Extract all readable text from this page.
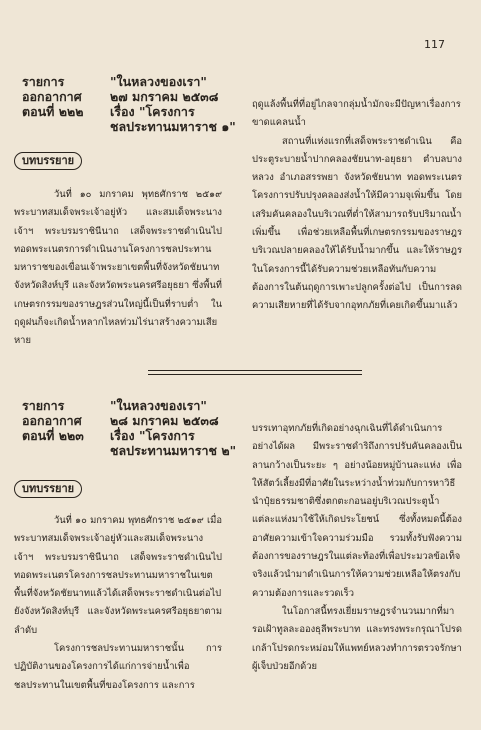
117
รายการ	"ในหลวงของเรา"
ออกอากาศ	๒๗ มกราคม ๒๕๓๘
ตอนที่ ๒๒๒	เรื่อง "โครงการ
ชลประทานมหาราช ๑"
บทบรรยาย

วันที่ ๑๐ มกราคม พุทธศักราช ๒๕๑๙ พระบาทสมเด็จพระเจ้าอยู่หัว และสมเด็จพระนางเจ้าฯ พระบรมราชินีนาถ เสด็จพระราชดำเนินไปทอดพระเนตรการดำเนินงานโครงการชลประทานมหาราชของเขื่อนเจ้าพระยาเขตพื้นที่จังหวัดชัยนาท จังหวัดสิงห์บุรี และจังหวัดพระนครศรีอยุธยา ซึ่งพื้นที่เกษตรกรรมของราษฎรส่วนใหญ่นี้เป็นที่ราบต่ำ ในฤดูฝนก็จะเกิดน้ำหลากไหลท่วมไร่นาสร้างความเสียหาย

ฤดูแล้งพื้นที่ที่อยู่ไกลจากลุ่มน้ำมักจะมีปัญหาเรื่องการขาดแคลนน้ำ

สถานที่แห่งแรกที่เสด็จพระราชดำเนิน คือประตูระบายน้ำปากคลองชัยนาท-อยุธยา ตำบลบางหลวง อำเภอสรรพยา จังหวัดชัยนาท ทอดพระเนตรโครงการปรับปรุงคลองส่งน้ำให้มีความจุเพิ่มขึ้น โดยเสริมคันคลองในบริเวณที่ต่ำให้สามารถรับปริมาณน้ำเพิ่มขึ้น เพื่อช่วยเหลือพื้นที่เกษตรกรรมของราษฎรบริเวณปลายคลองให้ได้รับน้ำมากขึ้น และให้ราษฎรในโครงการนี้ได้รับความช่วยเหลือทันกับความต้องการในต้นฤดูการเพาะปลูกครั้งต่อไป เป็นการลดความเสียหายที่ได้รับจากอุทกภัยที่เคยเกิดขึ้นมาแล้ว

รายการ	"ในหลวงของเรา"
ออกอากาศ	๒๘ มกราคม ๒๕๓๘
ตอนที่ ๒๒๓	เรื่อง "โครงการ
ชลประทานมหาราช ๒"
บทบรรยาย

วันที่ ๑๐ มกราคม พุทธศักราช ๒๕๑๙ เมื่อพระบาทสมเด็จพระเจ้าอยู่หัวและสมเด็จพระนางเจ้าฯ พระบรมราชินีนาถ เสด็จพระราชดำเนินไปทอดพระเนตรโครงการชลประทานมหาราชในเขตพื้นที่จังหวัดชัยนาทแล้วได้เสด็จพระราชดำเนินต่อไปยังจังหวัดสิงห์บุรี และจังหวัดพระนครศรีอยุธยาตามลำดับ

โครงการชลประทานมหาราชนั้น การปฏิบัติงานของโครงการได้แก่การจ่ายน้ำเพื่อชลประทานในเขตพื้นที่ของโครงการ และการ

บรรเทาอุทกภัยที่เกิดอย่างฉุกเฉินที่ได้ดำเนินการอย่างได้ผล มีพระราชดำริถึงการปรับคันคลองเป็นลานกว้างเป็นระยะ ๆ อย่างน้อยหมู่บ้านละแห่ง เพื่อให้สัตว์เลี้ยงมีที่อาศัยในระหว่างน้ำท่วมกับการหาวิธีนำปุ๋ยธรรมชาติซึ่งตกตะกอนอยู่บริเวณประตูน้ำแต่ละแห่งมาใช้ให้เกิดประโยชน์ ซึ่งทั้งหมดนี้ต้องอาศัยความเข้าใจความร่วมมือ รวมทั้งรับฟังความต้องการของราษฎรในแต่ละท้องที่เพื่อประมวลข้อเท็จจริงแล้วนำมาดำเนินการให้ความช่วยเหลือให้ตรงกับความต้องการและรวดเร็ว

ในโอกาสนี้ทรงเยี่ยมราษฎรจำนวนมากที่มารอเฝ้าทูลละอองธุลีพระบาท และทรงพระกรุณาโปรดเกล้าโปรดกระหม่อมให้แพทย์หลวงทำการตรวจรักษาผู้เจ็บป่วยอีกด้วย
